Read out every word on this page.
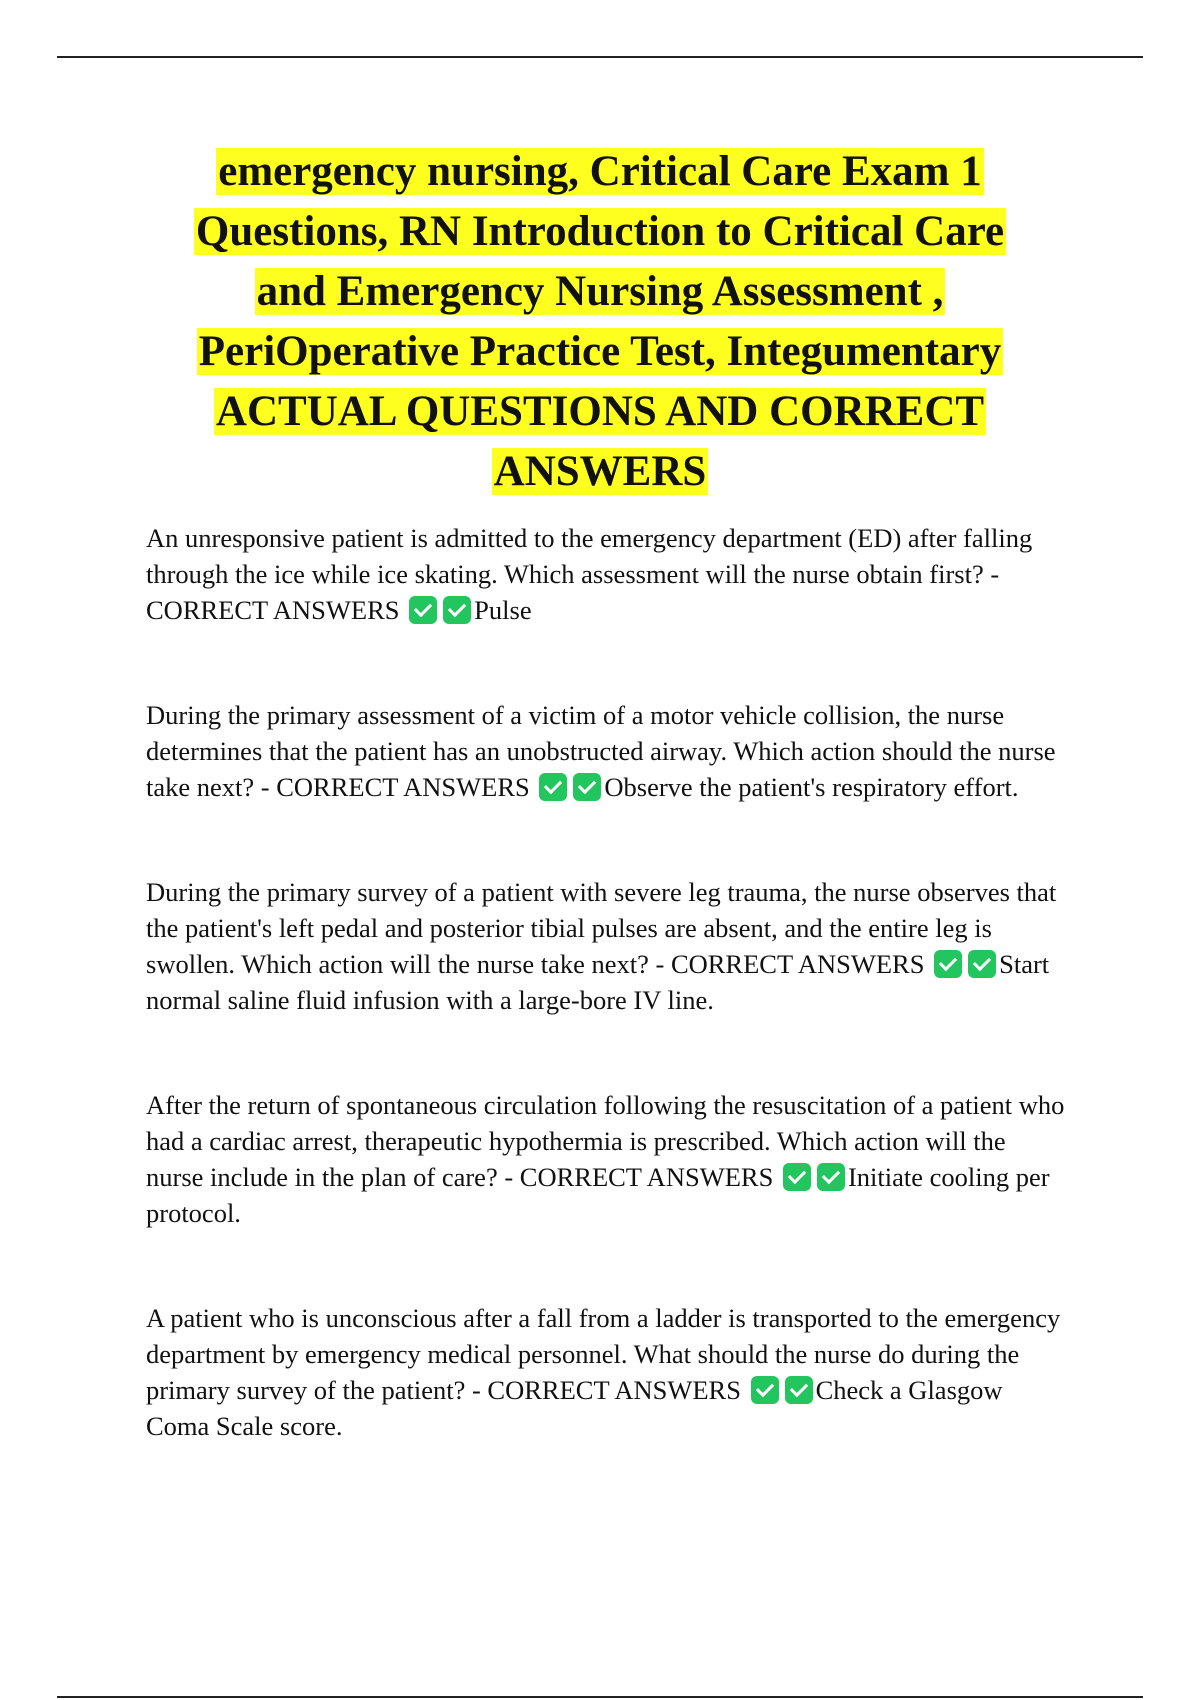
emergency nursing, Critical Care Exam 1
Questions, RN Introduction to Critical Care
and Emergency Nursing Assessment ,
PeriOperative Practice Test, Integumentary
ACTUAL QUESTIONS AND CORRECT
ANSWERS

An unresponsive patient is admitted to the emergency department (ED) after falling through the ice while ice skating. Which assessment will the nurse obtain first? - CORRECT ANSWERS	Pulse

During the primary assessment of a victim of a motor vehicle collision, the nurse determines that the patient has an unobstructed airway. Which action should the nurse take next? - CORRECT ANSWERS	Observe the patient's respiratory effort.

During the primary survey of a patient with severe leg trauma, the nurse observes that the patient's left pedal and posterior tibial pulses are absent, and the entire leg is swollen. Which action will the nurse take next? - CORRECT ANSWERS	Start normal saline fluid infusion with a large-bore IV line.

After the return of spontaneous circulation following the resuscitation of a patient who had a cardiac arrest, therapeutic hypothermia is prescribed. Which action will the nurse include in the plan of care? - CORRECT ANSWERS	Initiate cooling per protocol.

A patient who is unconscious after a fall from a ladder is transported to the emergency department by emergency medical personnel. What should the nurse do during the primary survey of the patient? - CORRECT ANSWERS	Check a Glasgow Coma Scale score.
